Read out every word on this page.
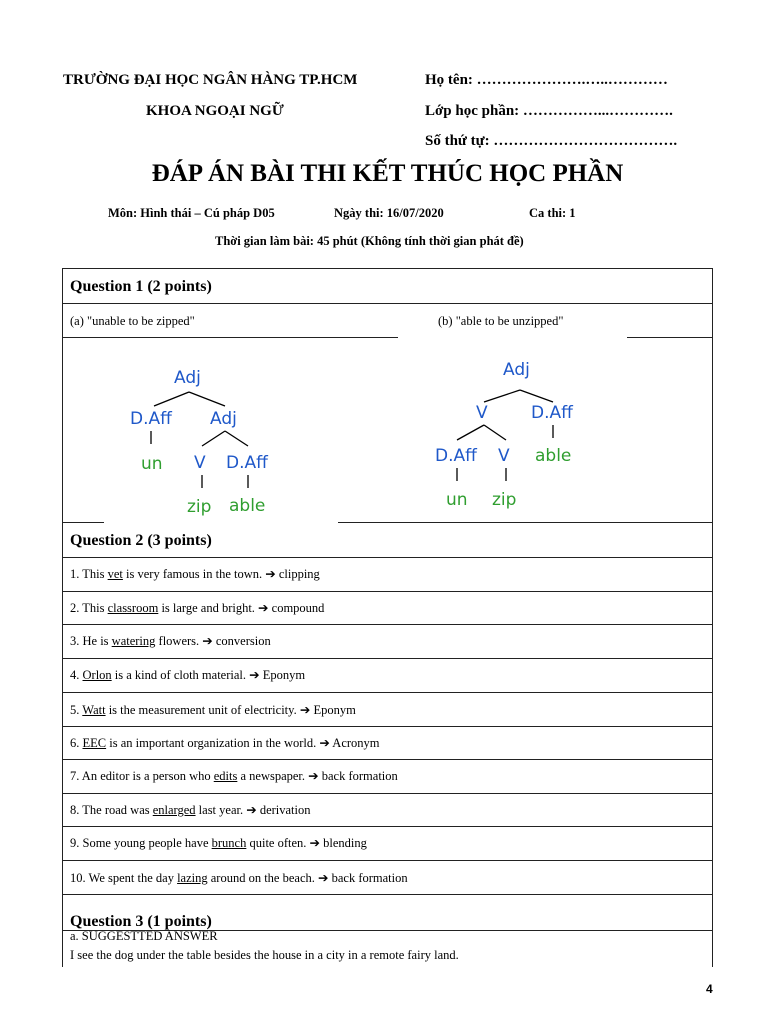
TRƯỜNG ĐẠI HỌC NGÂN HÀNG TP.HCM
KHOA NGOẠI NGỮ
Họ tên: ………………….…..…………
Lớp học phần: ……………...………….
Số thứ tự: ……………………………….
ĐÁP ÁN BÀI THI KẾT THÚC HỌC PHẦN
Môn: Hình thái – Cú pháp D05	Ngày thi: 16/07/2020	Ca thi: 1
Thời gian làm bài: 45 phút (Không tính thời gian phát đề)
Question 1 (2 points)
(a) "unable to be zipped"	(b) "able to be unzipped"
Adj
D.Aff Adj
un V D.Aff
zip able
Adj
V	D.Aff
able
D.Aff V
un zip
Question 2 (3 points)
1. This vet is very famous in the town. ➔ clipping
2. This classroom is large and bright. ➔ compound
3. He is watering flowers. ➔ conversion
4. Orlon is a kind of cloth material. ➔ Eponym
5. Watt is the measurement unit of electricity. ➔ Eponym
6. EEC is an important organization in the world. ➔ Acronym
7. An editor is a person who edits a newspaper. ➔ back formation
8. The road was enlarged last year. ➔ derivation
9. Some young people have brunch quite often. ➔ blending
10. We spent the day lazing around on the beach. ➔ back formation
Question 3 (1 points)
a. SUGGESTTED ANSWER
I see the dog under the table besides the house in a city in a remote fairy land.
4
